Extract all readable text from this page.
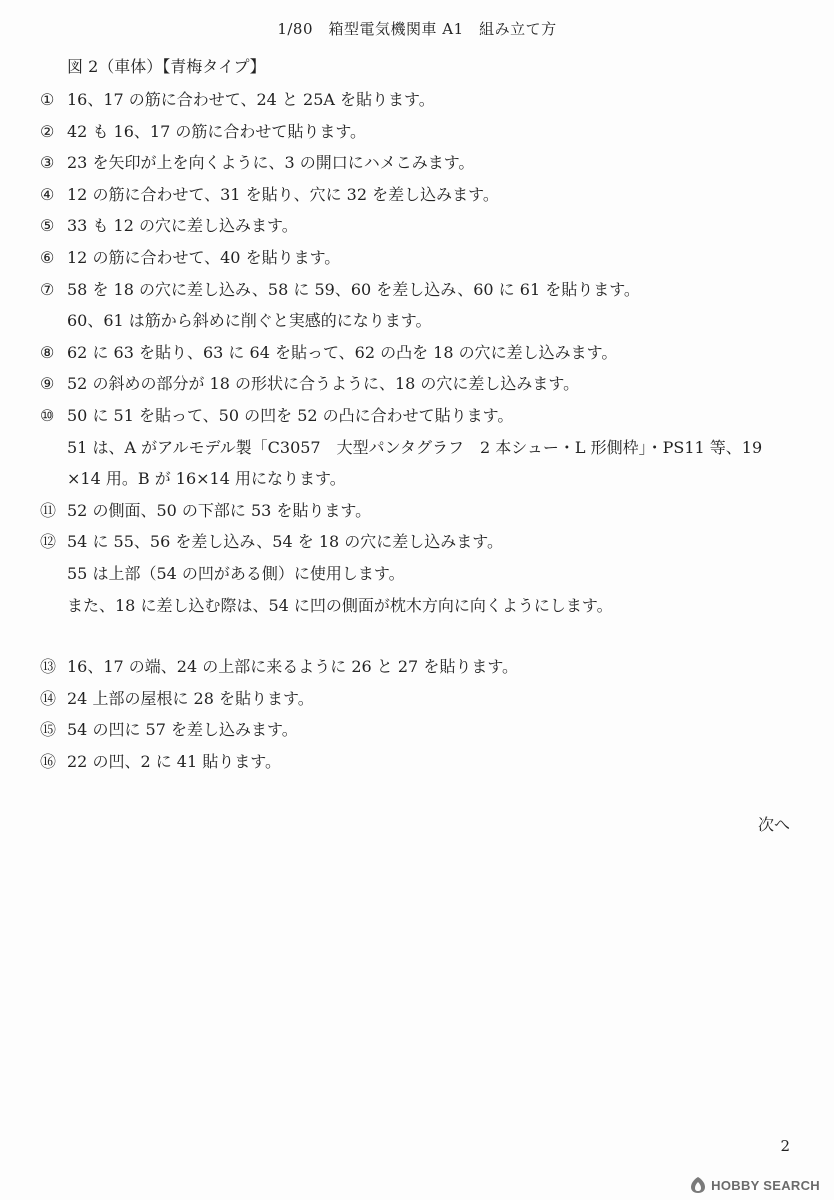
1/80　箱型電気機関車 A1　組み立て方
図 2（車体）【青梅タイプ】
① 16、17 の筋に合わせて、24 と 25A を貼ります。
② 42 も 16、17 の筋に合わせて貼ります。
③ 23 を矢印が上を向くように、3 の開口にハメこみます。
④ 12 の筋に合わせて、31 を貼り、穴に 32 を差し込みます。
⑤ 33 も 12 の穴に差し込みます。
⑥ 12 の筋に合わせて、40 を貼ります。
⑦ 58 を 18 の穴に差し込み、58 に 59、60 を差し込み、60 に 61 を貼ります。
60、61 は筋から斜めに削ぐと実感的になります。
⑧ 62 に 63 を貼り、63 に 64 を貼って、62 の凸を 18 の穴に差し込みます。
⑨ 52 の斜めの部分が 18 の形状に合うように、18 の穴に差し込みます。
⑩ 50 に 51 を貼って、50 の凹を 52 の凸に合わせて貼ります。
51 は、A がアルモデル製「C3057　大型パンタグラフ　2 本シュー・L 形側枠」・PS11 等、19
×14 用。B が 16×14 用になります。
⑪ 52 の側面、50 の下部に 53 を貼ります。
⑫ 54 に 55、56 を差し込み、54 を 18 の穴に差し込みます。
55 は上部（54 の凹がある側）に使用します。
また、18 に差し込む際は、54 に凹の側面が枕木方向に向くようにします。
⑬ 16、17 の端、24 の上部に来るように 26 と 27 を貼ります。
⑭ 24 上部の屋根に 28 を貼ります。
⑮ 54 の凹に 57 を差し込みます。
⑯ 22 の凹、2 に 41 貼ります。
次へ
2
HOBBY SEARCH
